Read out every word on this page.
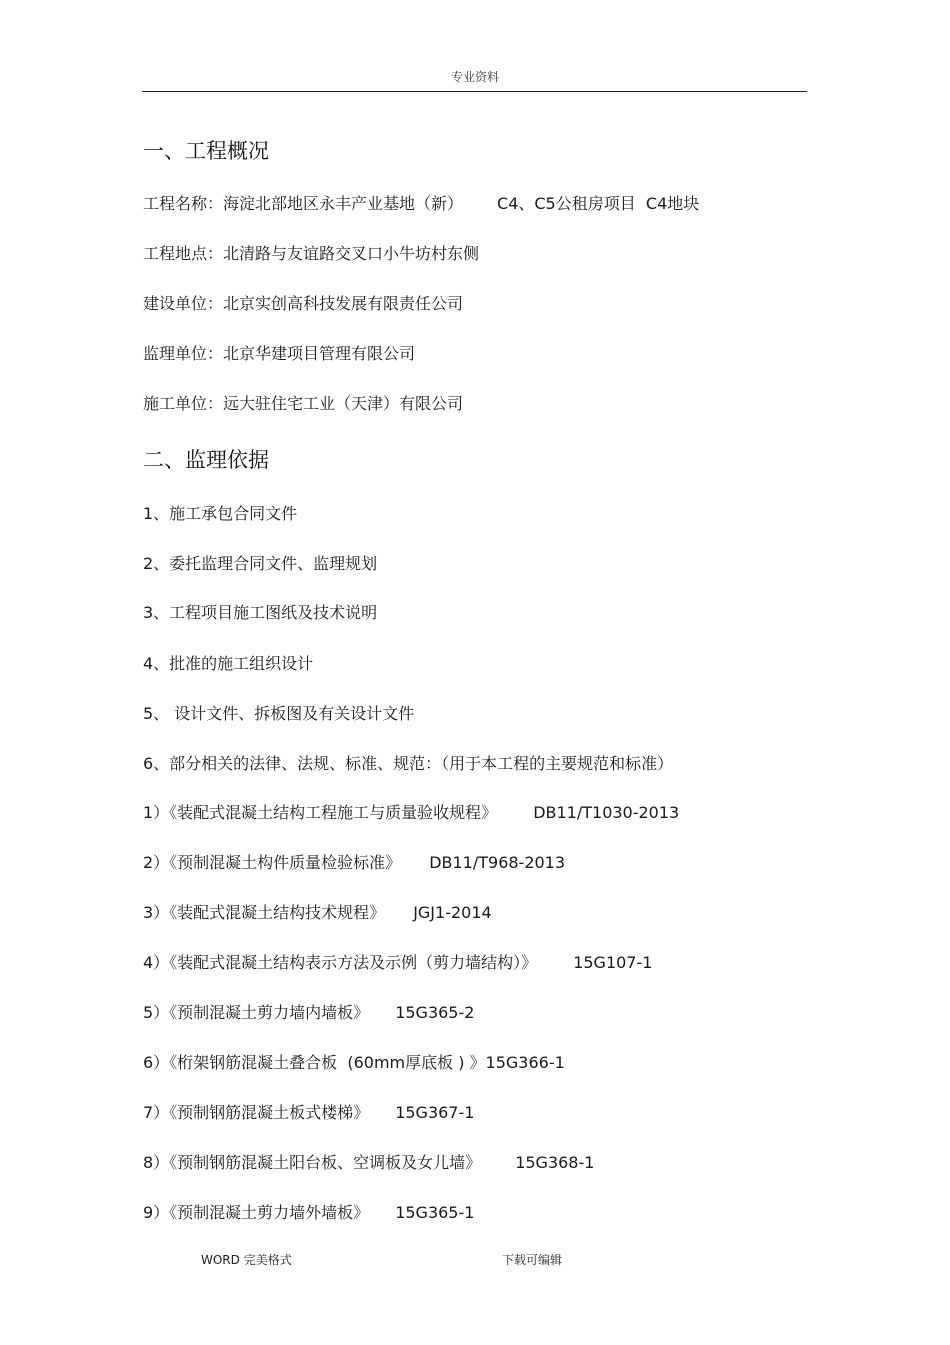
专业资料
一、工程概况
工程名称：海淀北部地区永丰产业基地（新） C4、C5公租房项目  C4地块
工程地点：北清路与友谊路交叉口小牛坊村东侧
建设单位：北京实创高科技发展有限责任公司
监理单位：北京华建项目管理有限公司
施工单位：远大驻住宅工业（天津）有限公司
二、监理依据
1、施工承包合同文件
2、委托监理合同文件、监理规划
3、工程项目施工图纸及技术说明
4、批准的施工组织设计
5、 设计文件、拆板图及有关设计文件
6、部分相关的法律、法规、标准、规范：（用于本工程的主要规范和标准）
1）《装配式混凝土结构工程施工与质量验收规程》 DB11/T1030-2013
2）《预制混凝土构件质量检验标准》 DB11/T968-2013
3）《装配式混凝土结构技术规程》 JGJ1-2014
4）《装配式混凝土结构表示方法及示例（剪力墙结构）》 15G107-1
5）《预制混凝土剪力墙内墙板》 15G365-2
6）《桁架钢筋混凝土叠合板  (60mm厚底板 ) 》15G366-1
7）《预制钢筋混凝土板式楼梯》 15G367-1
8）《预制钢筋混凝土阳台板、空调板及女儿墙》 15G368-1
9）《预制混凝土剪力墙外墙板》 15G365-1
WORD 完美格式	下载可编辑
